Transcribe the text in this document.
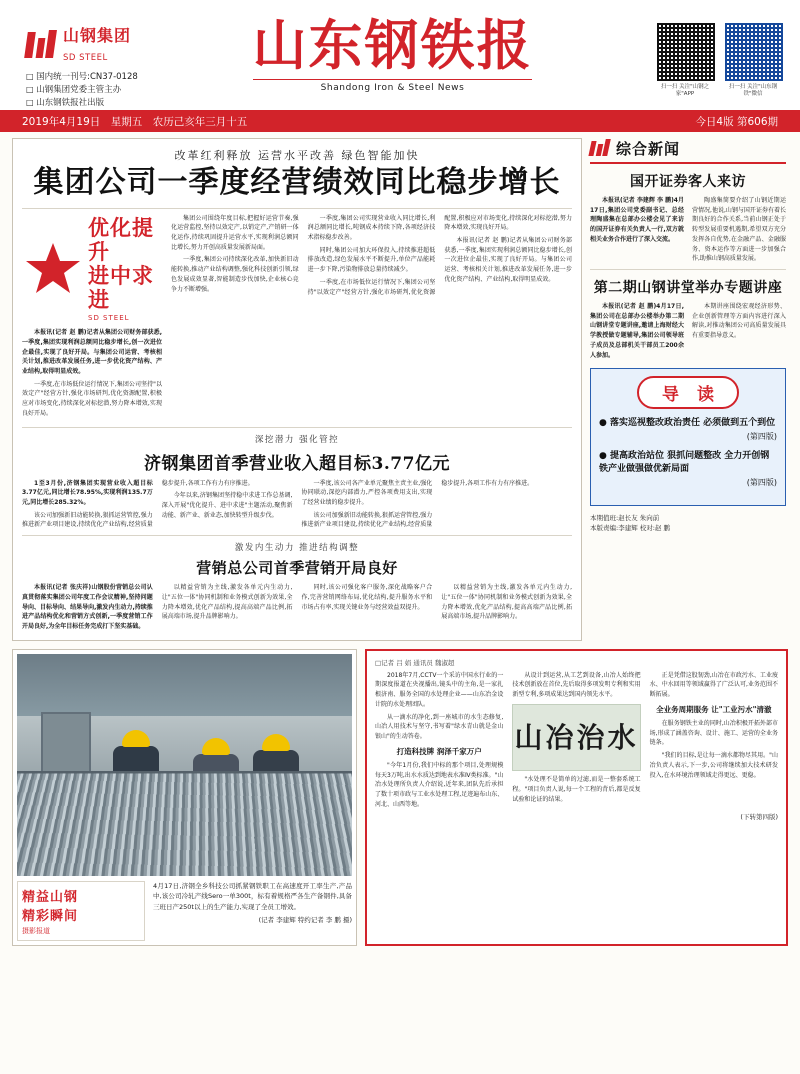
山钢集团
SD STEEL
□ 国内统一刊号:CN37-0128
□ 山钢集团党委主管主办
□ 山东钢铁报社出版
山东钢铁报
Shandong Iron & Steel News	扫一扫 关注"山钢之家"APP
扫一扫 关注"山东钢铁"微信
2019年4月19日　星期五　农历己亥年三月十五	今日4版 第606期
改革红利释放 运营水平改善 绿色智能加快
集团公司一季度经营绩效同比稳步增长
优化提升
进中求进
SD STEEL

本报讯(记者 赵 鹏)记者从集团公司财务部获悉,一季度,集团实现利润总额同比稳步增长,创一次进位企最佳,实现了良好开局。与集团公司运营、考核相关计划,推进改革发展任务,进一步优化资产结构、产业结构,取得明显成效。

一季度,在市场低位运行情况下,集团公司坚持"以效定产"经营方针,强化市场研判,优化资源配置,积极应对市场变化,持续深化对标挖潜,努力降本增效,实现良好开局。

集团公司围绕年度目标,把握好运营节奏,强化运营监控,坚持以效定产,以销定产,产销研一体化运作,持续巩固提升运营水平,实现利润总额同比增长,努力开创高质量发展新局面。

一季度,集团公司持续深化改革,加快新旧动能转换,推动产业结构调整,强化科技创新引领,绿色发展成效显著,智能制造步伐加快,企业核心竞争力不断增强。

一季度,集团公司实现营业收入同比增长,利润总额同比增长,吨钢成本持续下降,各项经济技术指标稳步改善。

同时,集团公司加大环保投入,持续推进超低排放改造,绿色发展水平不断提升,单位产品能耗进一步下降,污染物排放总量持续减少。

一季度,在市场低位运行情况下,集团公司坚持"以效定产"经营方针,强化市场研判,优化资源配置,积极应对市场变化,持续深化对标挖潜,努力降本增效,实现良好开局。

本报讯(记者 赵 鹏)记者从集团公司财务部获悉,一季度,集团实现利润总额同比稳步增长,创一次进位企最佳,实现了良好开局。与集团公司运营、考核相关计划,推进改革发展任务,进一步优化资产结构、产业结构,取得明显成效。

深挖潜力 强化管控
济钢集团首季营业收入超目标3.77亿元

1至3月份,济钢集团实现营业收入超目标3.77亿元,同比增长78.95%,实现利润135.7万元,同比增长285.32%。

该公司加强新旧动能转换,狠抓运营管控,强力推进新产业项目建设,持续优化产业结构,经营质量稳步提升,各项工作有力有序推进。

今年以来,济钢集团坚持稳中求进工作总基调,深入开展"优化提升、进中求进"主题活动,聚焦新动能、新产业、新业态,加快转型升级步伐。

一季度,该公司各产业单元聚焦主责主业,强化协同联动,深挖内部潜力,严控各项费用支出,实现了经营业绩的稳步提升。

该公司加强新旧动能转换,狠抓运营管控,强力推进新产业项目建设,持续优化产业结构,经营质量稳步提升,各项工作有力有序推进。

激发内生动力 推进结构调整
营销总公司首季营销开局良好

本报讯(记者 张庆祥)山钢股份营销总公司认真贯彻落实集团公司年度工作会议精神,坚持问题导向、目标导向、结果导向,激发内生动力,持续推进产品结构优化和营销方式创新,一季度营销工作开局良好,为全年目标任务完成打下坚实基础。

以精益营销为主线,激发各单元内生动力,让"五位一体"协同机制和业务模式创新为效果,全力降本增效,优化产品结构,提高高端产品比例,拓展高端市场,提升品牌影响力。

同时,该公司强化客户服务,深化战略客户合作,完善营销网络布局,优化结构,提升服务水平和市场占有率,实现关键业务与经营效益双提升。

以精益营销为主线,激发各单元内生动力,让"五位一体"协同机制和业务模式创新为效果,全力降本增效,优化产品结构,提高高端产品比例,拓展高端市场,提升品牌影响力。

综合新闻
国开证券客人来访

本报讯(记者 李建辉 李 鹏)4月17日,集团公司党委副书记、总经理陶盛集在总部办公楼会见了来访的国开证券有关负责人一行,双方就相关业务合作进行了深入交流。

陶盛集简要介绍了山钢近期运营情况,他说,山钢与国开证券有着长期良好的合作关系,当前山钢正处于转型发展重要机遇期,希望双方充分发挥各自优势,在金融产品、金融服务、资本运作等方面进一步加强合作,助推山钢高质量发展。

第二期山钢讲堂举办专题讲座

本报讯(记者 赵 鹏)4月17日,集团公司在总部办公楼举办第二期山钢讲堂专题讲座,邀请上海财经大学教授做专题辅导,集团公司领导班子成员及总部机关干部员工200余人参加。

本期讲座围绕宏观经济形势、企业创新管理等方面内容进行深入解读,对推动集团公司高质量发展具有重要指导意义。

导 读
● 落实巡视整改政治责任 必须做到五个到位
(第四版)
● 提高政治站位 狠抓问题整改 全力开创钢铁产业做强做优新局面
(第四版)
本期值班:赵长友 朱向前
本版责编:李建辉 校对:赵 鹏
精益山钢
精彩瞬间
摄影报道
4月17日,济钢全乡科技公司抓紧钢铁职工在高速度开工率生产,产品中,该公司冷轧产线Sero一单300t，标有着规格严各生产备钢件,具备三班日产250t以上的生产能力,实现了全员工增效。
(记者 李建辉 特约记者 李 鹏 摄)
□记者 吕 娟 通讯员 魏淑超

2018年7月,CCTV一个采访中国水行业的一期深度报道在央视播出,镜头中的主角,是一家扎根济南、服务全国的水处理企业——山东冶金设计院的水处理团队。

从一滴水的净化,到一座城市的水生态修复,山冶人用技术与坚守,书写着"绿水青山就是金山银山"的生动答卷。

打造科技牌 润泽千家万户

"今年1月份,我们中标的那个项目,处理规模每天3万吨,出水水质达到地表水准Ⅳ类标准。"山冶水处理所负责人介绍说,近年来,团队先后承担了数十项市政与工业水处理工程,足迹遍布山东、河北、山西等地。

从设计到运营,从工艺到设备,山冶人始终把技术创新放在首位,先后取得多项发明专利和实用新型专利,多项成果达到国内领先水平。

山冶治水

"水处理不是简单的过滤,而是一整套系统工程。"项目负责人说,每一个工程的背后,都是反复试验和论证的结果。

正是凭借这股韧劲,山冶在市政污水、工业废水、中水回用等领域赢得了广泛认可,业务范围不断拓展。

全业务周期服务 让"工业污水"清澈

在服务钢铁主业的同时,山冶积极开拓外部市场,形成了涵盖咨询、设计、施工、运营的全业务链条。

"我们的目标,是让每一滴水都物尽其用。"山冶负责人表示,下一步,公司将继续加大技术研发投入,在水环境治理领域走得更远、更稳。

(下转第四版)
